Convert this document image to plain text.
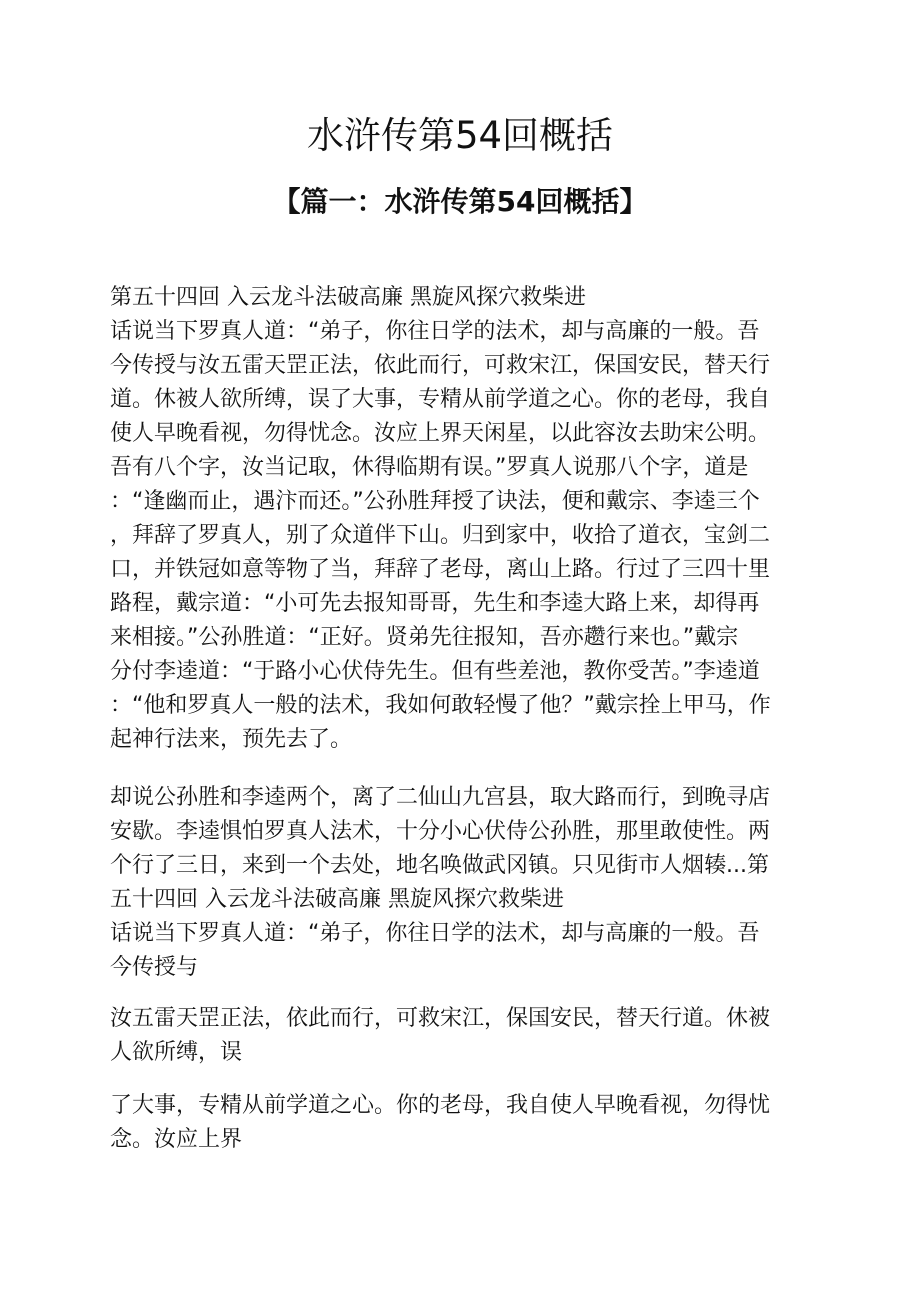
水浒传第54回概括
【篇一：水浒传第54回概括】
第五十四回 入云龙斗法破高廉 黑旋风探穴救柴进
话说当下罗真人道：“弟子，你往日学的法术，却与高廉的一般。吾
今传授与汝五雷天罡正法，依此而行，可救宋江，保国安民，替天行
道。休被人欲所缚，误了大事，专精从前学道之心。你的老母，我自
使人早晚看视，勿得忧念。汝应上界天闲星，以此容汝去助宋公明。
吾有八个字，汝当记取，休得临期有误。”罗真人说那八个字，道是
：“逢幽而止，遇汴而还。”公孙胜拜授了诀法，便和戴宗、李逵三个
，拜辞了罗真人，别了众道伴下山。归到家中，收拾了道衣，宝剑二
口，并铁冠如意等物了当，拜辞了老母，离山上路。行过了三四十里
路程，戴宗道：“小可先去报知哥哥，先生和李逵大路上来，却得再
来相接。”公孙胜道：“正好。贤弟先往报知，吾亦趱行来也。”戴宗
分付李逵道：“于路小心伏侍先生。但有些差池，教你受苦。”李逵道
：“他和罗真人一般的法术，我如何敢轻慢了他？”戴宗拴上甲马，作
起神行法来，预先去了。
却说公孙胜和李逵两个，离了二仙山九宫县，取大路而行，到晚寻店
安歇。李逵惧怕罗真人法术，十分小心伏侍公孙胜，那里敢使性。两
个行了三日，来到一个去处，地名唤做武冈镇。只见街市人烟辏...第
五十四回 入云龙斗法破高廉 黑旋风探穴救柴进
话说当下罗真人道：“弟子，你往日学的法术，却与高廉的一般。吾
今传授与
汝五雷天罡正法，依此而行，可救宋江，保国安民，替天行道。休被
人欲所缚，误
了大事，专精从前学道之心。你的老母，我自使人早晚看视，勿得忧
念。汝应上界
